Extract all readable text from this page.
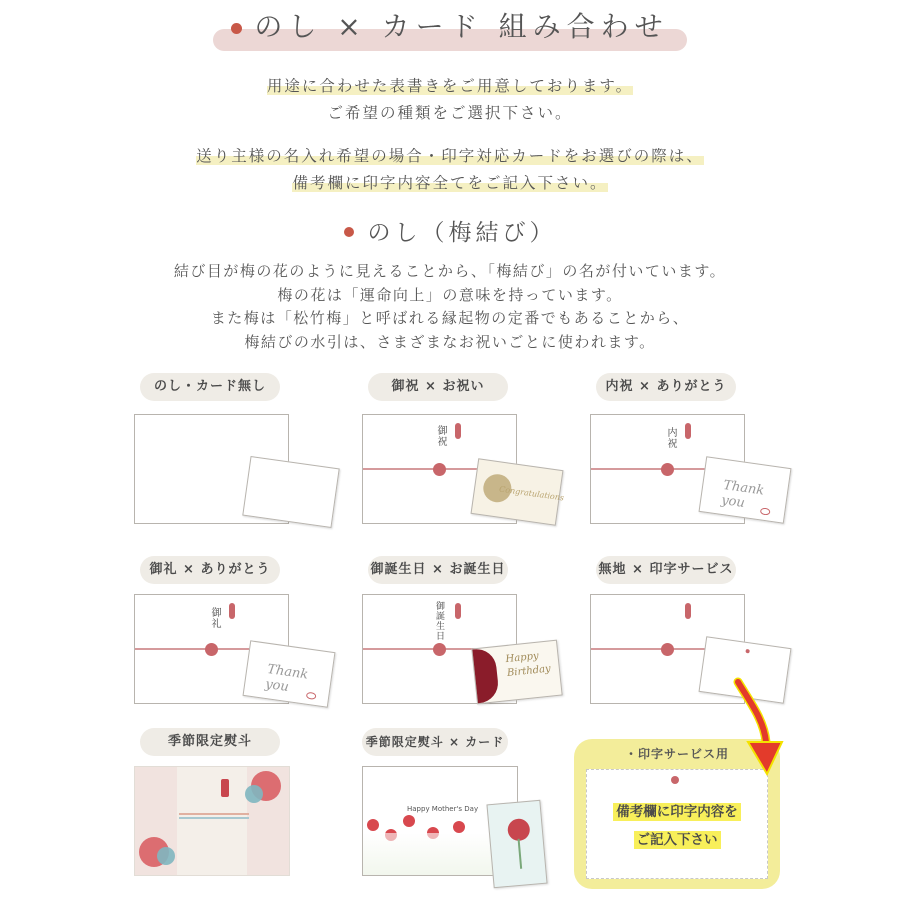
のし × カード 組み合わせ
用途に合わせた表書きをご用意しております。
ご希望の種類をご選択下さい。
送り主様の名入れ希望の場合・印字対応カードをお選びの際は、
備考欄に印字内容全てをご記入下さい。
のし（梅結び）
結び目が梅の花のように見えることから、「梅結び」の名が付いています。
梅の花は「運命向上」の意味を持っています。
また梅は「松竹梅」と呼ばれる縁起物の定番でもあることから、
梅結びの水引は、さまざまなお祝いごとに使われます。
のし・カード無し	御祝 × お祝い	内祝 × ありがとう
御祝
Congratulations
内祝
Thank you
御礼 × ありがとう	御誕生日 × お誕生日	無地 × 印字サービス
御礼
Thank you
御誕生日
Happy
Birthday
季節限定熨斗	季節限定熨斗 × カード
Happy Mother's Day
・印字サービス用
備考欄に印字内容を
ご記入下さい
